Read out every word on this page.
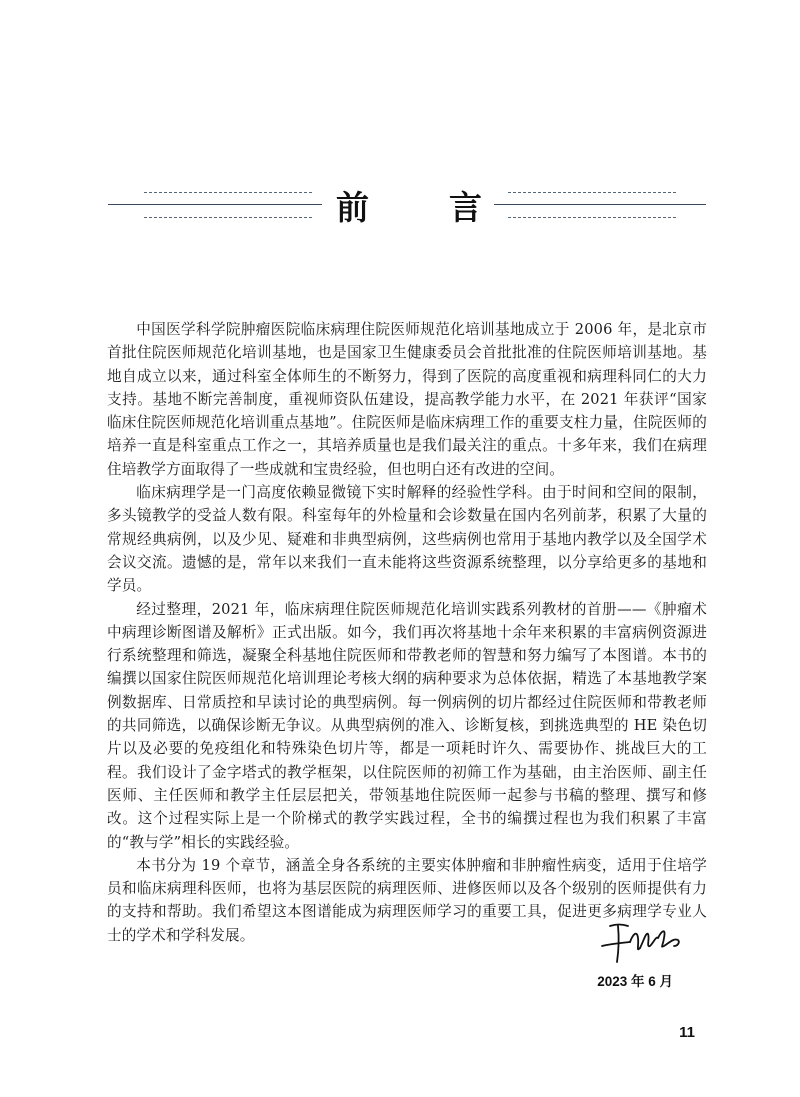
前 言

中国医学科学院肿瘤医院临床病理住院医师规范化培训基地成立于 2006 年，是北京市首批住院医师规范化培训基地，也是国家卫生健康委员会首批批准的住院医师培训基地。基地自成立以来，通过科室全体师生的不断努力，得到了医院的高度重视和病理科同仁的大力支持。基地不断完善制度，重视师资队伍建设，提高教学能力水平，在 2021 年获评“国家临床住院医师规范化培训重点基地”。住院医师是临床病理工作的重要支柱力量，住院医师的培养一直是科室重点工作之一，其培养质量也是我们最关注的重点。十多年来，我们在病理住培教学方面取得了一些成就和宝贵经验，但也明白还有改进的空间。

临床病理学是一门高度依赖显微镜下实时解释的经验性学科。由于时间和空间的限制，多头镜教学的受益人数有限。科室每年的外检量和会诊数量在国内名列前茅，积累了大量的常规经典病例，以及少见、疑难和非典型病例，这些病例也常用于基地内教学以及全国学术会议交流。遗憾的是，常年以来我们一直未能将这些资源系统整理，以分享给更多的基地和学员。

经过整理，2021 年，临床病理住院医师规范化培训实践系列教材的首册——《肿瘤术中病理诊断图谱及解析》正式出版。如今，我们再次将基地十余年来积累的丰富病例资源进行系统整理和筛选，凝聚全科基地住院医师和带教老师的智慧和努力编写了本图谱。本书的编撰以国家住院医师规范化培训理论考核大纲的病种要求为总体依据，精选了本基地教学案例数据库、日常质控和早读讨论的典型病例。每一例病例的切片都经过住院医师和带教老师的共同筛选，以确保诊断无争议。从典型病例的准入、诊断复核，到挑选典型的 HE 染色切片以及必要的免疫组化和特殊染色切片等，都是一项耗时许久、需要协作、挑战巨大的工程。我们设计了金字塔式的教学框架，以住院医师的初筛工作为基础，由主治医师、副主任医师、主任医师和教学主任层层把关，带领基地住院医师一起参与书稿的整理、撰写和修改。这个过程实际上是一个阶梯式的教学实践过程，全书的编撰过程也为我们积累了丰富的“教与学”相长的实践经验。

本书分为 19 个章节，涵盖全身各系统的主要实体肿瘤和非肿瘤性病变，适用于住培学员和临床病理科医师，也将为基层医院的病理医师、进修医师以及各个级别的医师提供有力的支持和帮助。我们希望这本图谱能成为病理医师学习的重要工具，促进更多病理学专业人士的学术和学科发展。

2023 年 6 月
11
